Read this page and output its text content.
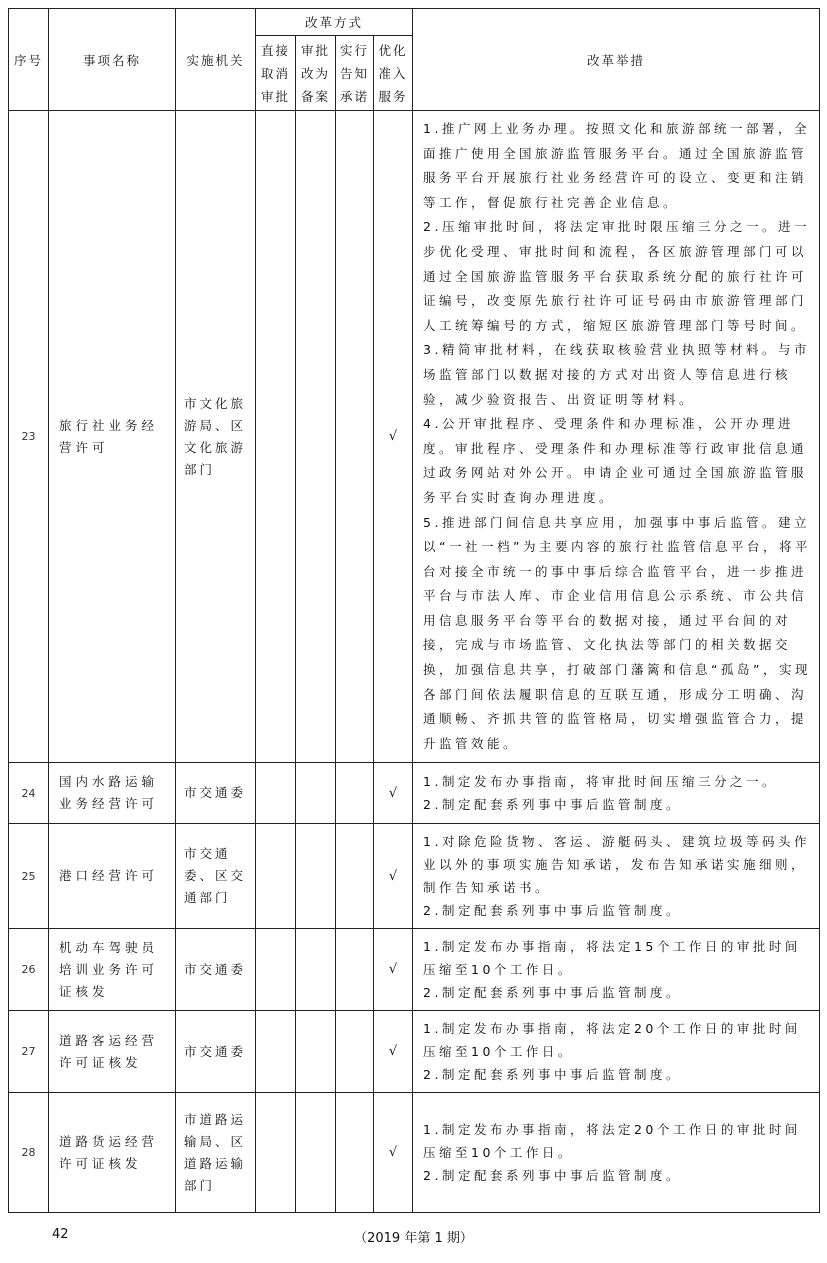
序号	事项名称	实施机关	改革方式				改革举措
			直接取消审批	审批改为备案	实行告知承诺	优化准入服务	
23	旅行社业务经营许可	市文化旅游局、区文化旅游部门				√	1.推广网上业务办理。按照文化和旅游部统一部署，全面推广使用全国旅游监管服务平台。通过全国旅游监管服务平台开展旅行社业务经营许可的设立、变更和注销等工作，督促旅行社完善企业信息。

2.压缩审批时间，将法定审批时限压缩三分之一。进一步优化受理、审批时间和流程，各区旅游管理部门可以通过全国旅游监管服务平台获取系统分配的旅行社许可证编号，改变原先旅行社许可证号码由市旅游管理部门人工统筹编号的方式，缩短区旅游管理部门等号时间。

3.精简审批材料，在线获取核验营业执照等材料。与市场监管部门以数据对接的方式对出资人等信息进行核验，减少验资报告、出资证明等材料。

4.公开审批程序、受理条件和办理标准，公开办理进度。审批程序、受理条件和办理标准等行政审批信息通过政务网站对外公开。申请企业可通过全国旅游监管服务平台实时查询办理进度。

5.推进部门间信息共享应用，加强事中事后监管。建立以“一社一档”为主要内容的旅行社监管信息平台，将平台对接全市统一的事中事后综合监管平台，进一步推进平台与市法人库、市企业信用信息公示系统、市公共信用信息服务平台等平台的数据对接，通过平台间的对接，完成与市场监管、文化执法等部门的相关数据交换，加强信息共享，打破部门藩篱和信息“孤岛”，实现各部门间依法履职信息的互联互通，形成分工明确、沟通顺畅、齐抓共管的监管格局，切实增强监管合力，提升监管效能。

24	国内水路运输业务经营许可	市交通委				√	1.制定发布办事指南，将审批时间压缩三分之一。

2.制定配套系列事中事后监管制度。

25	港口经营许可	市交通委、区交通部门				√	1.对除危险货物、客运、游艇码头、建筑垃圾等码头作业以外的事项实施告知承诺，发布告知承诺实施细则，制作告知承诺书。

2.制定配套系列事中事后监管制度。

26	机动车驾驶员培训业务许可证核发	市交通委				√	1.制定发布办事指南，将法定15个工作日的审批时间压缩至10个工作日。

2.制定配套系列事中事后监管制度。

27	道路客运经营许可证核发	市交通委				√	1.制定发布办事指南，将法定20个工作日的审批时间压缩至10个工作日。

2.制定配套系列事中事后监管制度。

28	道路货运经营许可证核发	市道路运输局、区道路运输部门				√	1.制定发布办事指南，将法定20个工作日的审批时间压缩至10个工作日。

2.制定配套系列事中事后监管制度。

42	（2019 年第 1 期）
